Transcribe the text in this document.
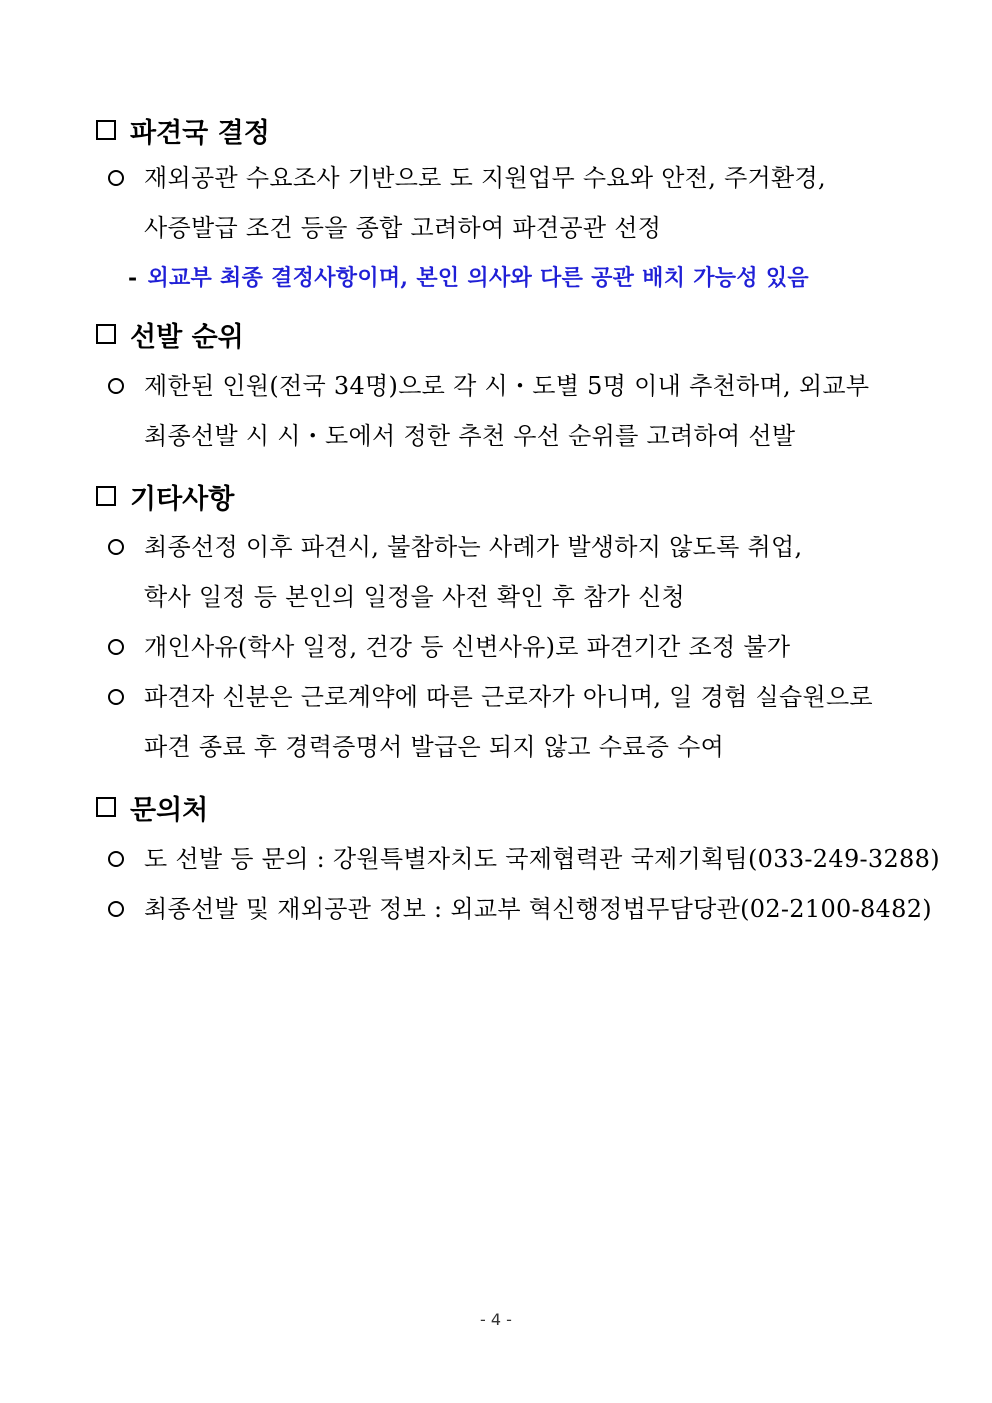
파견국 결정
재외공관 수요조사 기반으로 도 지원업무 수요와 안전, 주거환경,
사증발급 조건 등을 종합 고려하여 파견공관 선정
- 외교부 최종 결정사항이며, 본인 의사와 다른 공관 배치 가능성 있음
선발 순위
제한된 인원(전국 34명)으로 각 시・도별 5명 이내 추천하며, 외교부
최종선발 시 시・도에서 정한 추천 우선 순위를 고려하여 선발
기타사항
최종선정 이후 파견시, 불참하는 사례가 발생하지 않도록 취업,
학사 일정 등 본인의 일정을 사전 확인 후 참가 신청
개인사유(학사 일정, 건강 등 신변사유)로 파견기간 조정 불가
파견자 신분은 근로계약에 따른 근로자가 아니며, 일 경험 실습원으로
파견 종료 후 경력증명서 발급은 되지 않고 수료증 수여
문의처
도 선발 등 문의 : 강원특별자치도 국제협력관 국제기획팀(033-249-3288)
최종선발 및 재외공관 정보 : 외교부 혁신행정법무담당관(02-2100-8482)
- 4 -
